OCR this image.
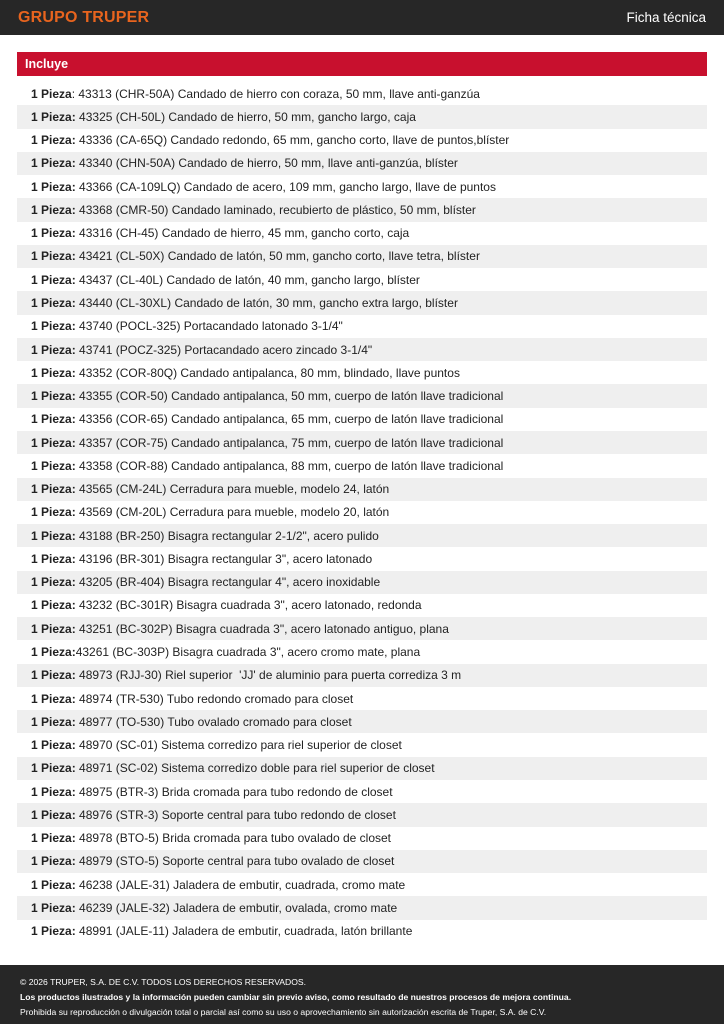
GRUPO TRUPER	Ficha técnica
Incluye
1 Pieza : 43313 (CHR-50A) Candado de hierro con coraza, 50 mm, llave anti-ganzúa
1 Pieza:
43325 (CH-50L) Candado de hierro, 50 mm, gancho largo, caja
1 Pieza:
43336 (CA-65Q) Candado redondo, 65 mm, gancho corto, llave de puntos,blíster
1 Pieza:
43340 (CHN-50A) Candado de hierro, 50 mm, llave anti-ganzúa, blíster
1 Pieza:
43366 (CA-109LQ) Candado de acero, 109 mm, gancho largo, llave de puntos
1 Pieza:
43368 (CMR-50) Candado laminado, recubierto de plástico, 50 mm, blíster
1 Pieza:
43316 (CH-45) Candado de hierro, 45 mm, gancho corto, caja
1 Pieza:
43421 (CL-50X) Candado de latón, 50 mm, gancho corto, llave tetra, blíster
1 Pieza:
43437 (CL-40L) Candado de latón, 40 mm, gancho largo, blíster
1 Pieza:
43440 (CL-30XL) Candado de latón, 30 mm, gancho extra largo, blíster
1 Pieza:
43740 (POCL-325) Portacandado latonado 3-1/4"
1 Pieza:
43741 (POCZ-325) Portacandado acero zincado 3-1/4"
1 Pieza:
43352 (COR-80Q) Candado antipalanca, 80 mm, blindado, llave puntos
1 Pieza:
43355 (COR-50) Candado antipalanca, 50 mm, cuerpo de latón llave tradicional
1 Pieza:
43356 (COR-65) Candado antipalanca, 65 mm, cuerpo de latón llave tradicional
1 Pieza:
43357 (COR-75) Candado antipalanca, 75 mm, cuerpo de latón llave tradicional
1 Pieza:
43358 (COR-88) Candado antipalanca, 88 mm, cuerpo de latón llave tradicional
1 Pieza:
43565 (CM-24L) Cerradura para mueble, modelo 24, latón
1 Pieza:
43569 (CM-20L) Cerradura para mueble, modelo 20, latón
1 Pieza:
43188 (BR-250) Bisagra rectangular 2-1/2", acero pulido
1 Pieza:
43196 (BR-301) Bisagra rectangular 3", acero latonado
1 Pieza:
43205 (BR-404) Bisagra rectangular 4", acero inoxidable
1 Pieza:
43232 (BC-301R) Bisagra cuadrada 3", acero latonado, redonda
1 Pieza:
43251 (BC-302P) Bisagra cuadrada 3", acero latonado antiguo, plana
1 Pieza: 43261 (BC-303P) Bisagra cuadrada 3", acero cromo mate, plana
1 Pieza:
48973 (RJJ-30) Riel superior  'JJ' de aluminio para puerta corrediza 3 m
1 Pieza:
48974 (TR-530) Tubo redondo cromado para closet
1 Pieza:
48977 (TO-530) Tubo ovalado cromado para closet
1 Pieza:
48970 (SC-01) Sistema corredizo para riel superior de closet
1 Pieza:
48971 (SC-02) Sistema corredizo doble para riel superior de closet
1 Pieza:
48975 (BTR-3) Brida cromada para tubo redondo de closet
1 Pieza:
48976 (STR-3) Soporte central para tubo redondo de closet
1 Pieza:
48978 (BTO-5) Brida cromada para tubo ovalado de closet
1 Pieza:
48979 (STO-5) Soporte central para tubo ovalado de closet
1 Pieza:
46238 (JALE-31) Jaladera de embutir, cuadrada, cromo mate
1 Pieza:
46239 (JALE-32) Jaladera de embutir, ovalada, cromo mate
1 Pieza:
48991 (JALE-11) Jaladera de embutir, cuadrada, latón brillante
© 2026 TRUPER, S.A. DE C.V. TODOS LOS DERECHOS RESERVADOS.
Los productos ilustrados y la información pueden cambiar sin previo aviso, como resultado de nuestros procesos de mejora continua.
Prohibida su reproducción o divulgación total o parcial así como su uso o aprovechamiento sin autorización escrita de Truper, S.A. de C.V.
